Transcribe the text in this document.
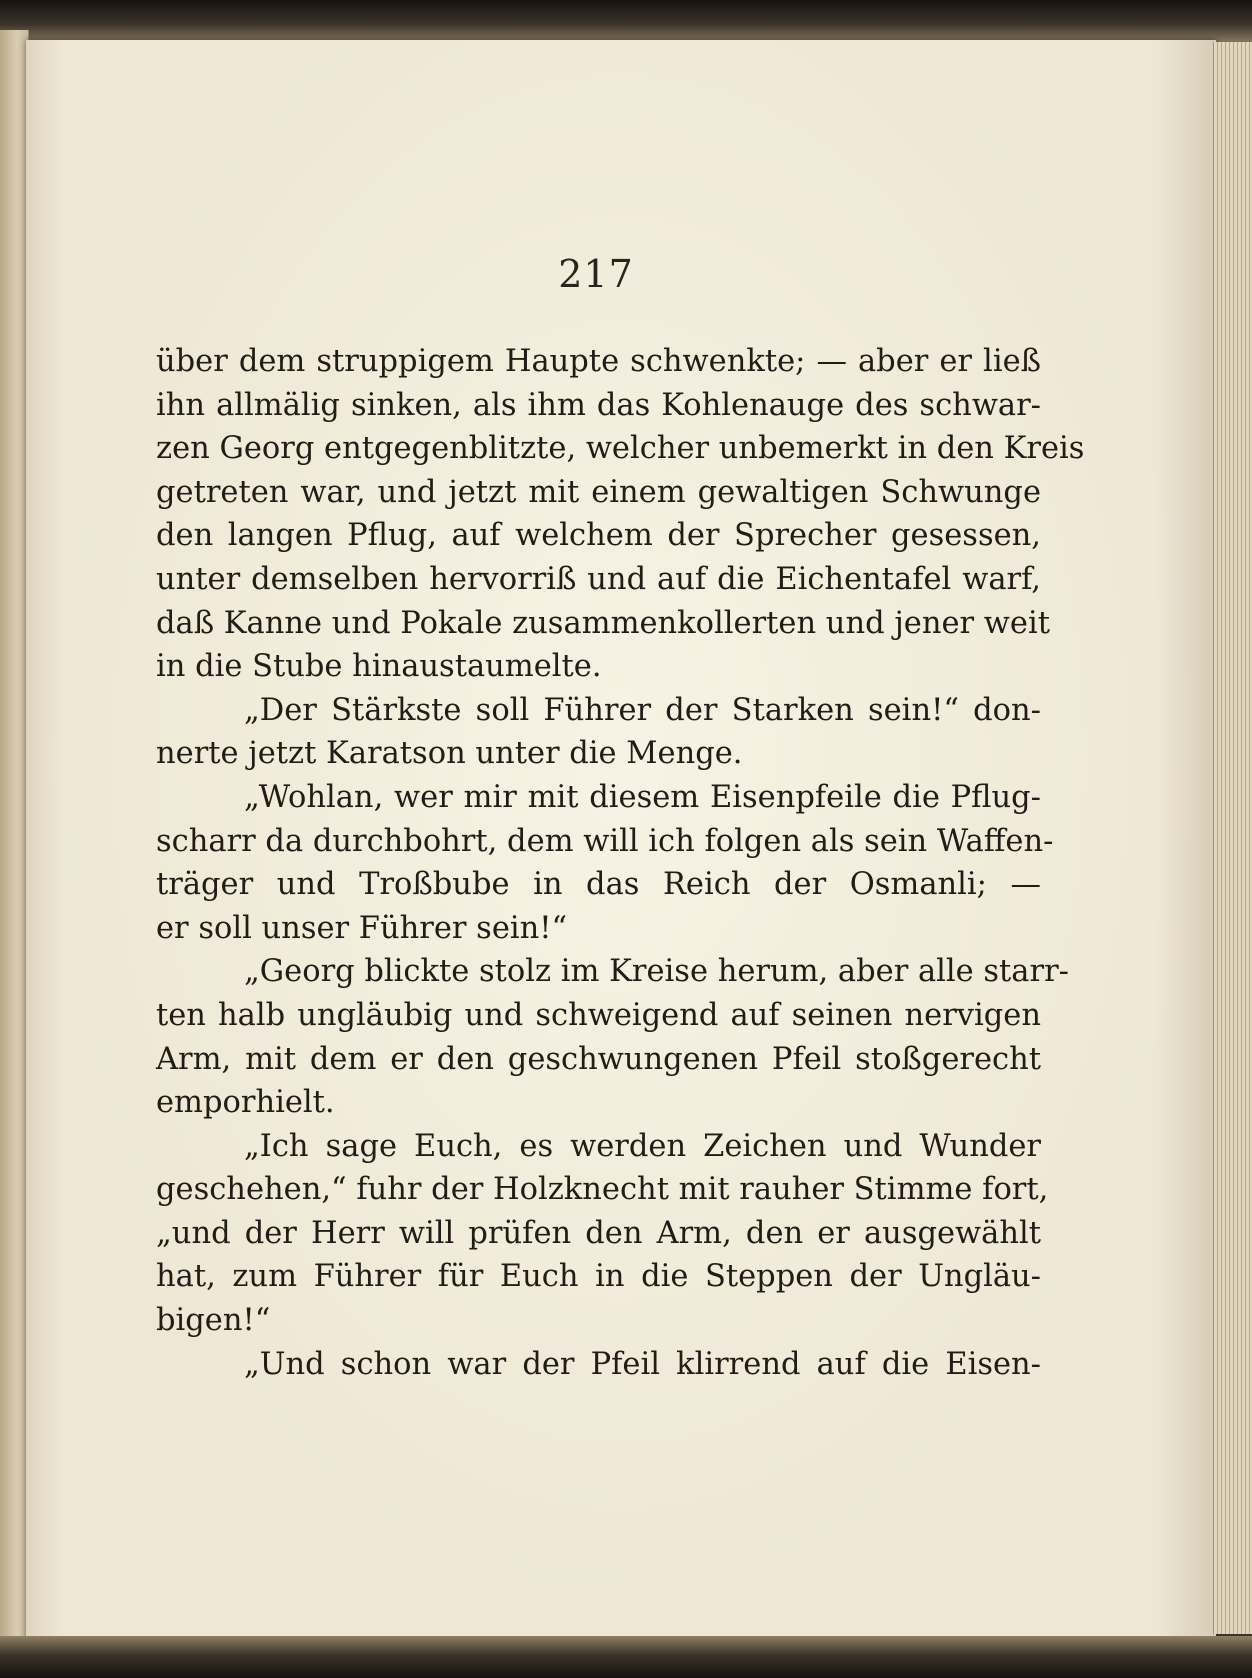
217
über dem struppigem Haupte schwenkte; — aber er ließ
ihn allmälig sinken, als ihm das Kohlenauge des schwar-
zen Georg entgegenblitzte, welcher unbemerkt in den Kreis
getreten war, und jetzt mit einem gewaltigen Schwunge
den langen Pflug, auf welchem der Sprecher gesessen,
unter demselben hervorriß und auf die Eichentafel warf,
daß Kanne und Pokale zusammenkollerten und jener weit
in die Stube hinaustaumelte.
„Der Stärkste soll Führer der Starken sein!“ don-
nerte jetzt Karatson unter die Menge.
„Wohlan, wer mir mit diesem Eisenpfeile die Pflug-
scharr da durchbohrt, dem will ich folgen als sein Waffen-
träger und Troßbube in das Reich der Osmanli; —
er soll unser Führer sein!“
„Georg blickte stolz im Kreise herum, aber alle starr-
ten halb ungläubig und schweigend auf seinen nervigen
Arm, mit dem er den geschwungenen Pfeil stoßgerecht
emporhielt.
„Ich sage Euch, es werden Zeichen und Wunder
geschehen,“ fuhr der Holzknecht mit rauher Stimme fort,
„und der Herr will prüfen den Arm, den er ausgewählt
hat, zum Führer für Euch in die Steppen der Ungläu-
bigen!“
„Und schon war der Pfeil klirrend auf die Eisen-
